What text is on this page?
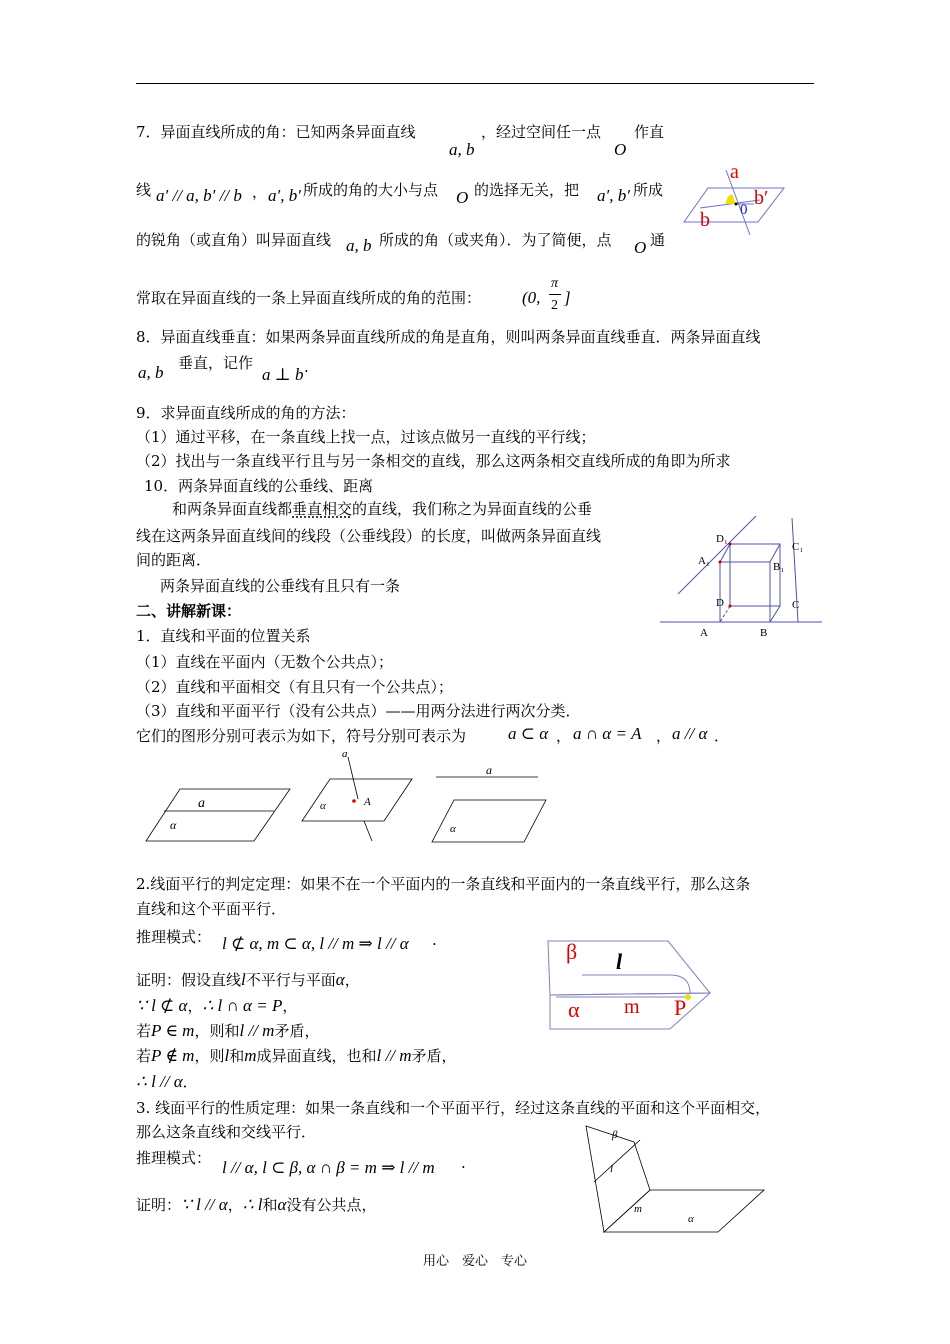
7．异面直线所成的角：已知两条异面直线
a, b
，经过空间任一点
O
作直
线 a′ // a, b′ // b ， a′, b′ 所成的角的大小与点 O 的选择无关，把 a′, b′ 所成
的锐角（或直角）叫异面直线 a, b 所成的角（或夹角）．为了简便，点 O 通
常取在异面直线的一条上异面直线所成的角的范围： (0,
π
2 ]
a
b′
0
b
8．异面直线垂直：如果两条异面直线所成的角是直角，则叫两条异面直线垂直．两条异面直线
a, b 垂直，记作
a ⊥ b .
9．求异面直线所成的角的方法：
（1）通过平移，在一条直线上找一点，过该点做另一直线的平行线；
（2）找出与一条直线平行且与另一条相交的直线，那么这两条相交直线所成的角即为所求
10．两条异面直线的公垂线、距离
和两条异面直线都垂直相交的直线，我们称之为异面直线的公垂
线在这两条异面直线间的线段（公垂线段）的长度，叫做两条异面直线
间的距离．
两条异面直线的公垂线有且只有一条
D₁
C₁
A₁	B₁
D	C
A	B
二、讲解新课：
1．直线和平面的位置关系
（1）直线在平面内（无数个公共点）；
（2）直线和平面相交（有且只有一个公共点）；
（3）直线和平面平行（没有公共点）——用两分法进行两次分类．
它们的图形分别可表示为如下，符号分别可表示为 a ⊂ α ， a ∩ α = A ， a // α ．
a
α
a
A
α
a
α
2.线面平行的判定定理：如果不在一个平面内的一条直线和平面内的一条直线平行，那么这条
直线和这个平面平行．
推理模式： l ⊄ α, m ⊂ α, l // m ⇒ l // α .
证明：假设直线l不平行与平面α，
∵ l ⊄ α，∴ l ∩ α = P，
若P ∈ m，则和l // m矛盾，
若P ∉ m，则l和m成异面直线，也和l // m矛盾，
∴ l // α．
β l
α m P
3. 线面平行的性质定理：如果一条直线和一个平面平行，经过这条直线的平面和这个平面相交，
那么这条直线和交线平行．
推理模式： l // α, l ⊂ β, α ∩ β = m ⇒ l // m .
证明：∵ l // α，∴ l和α没有公共点，
β
l
m
α
用心　爱心　专心
